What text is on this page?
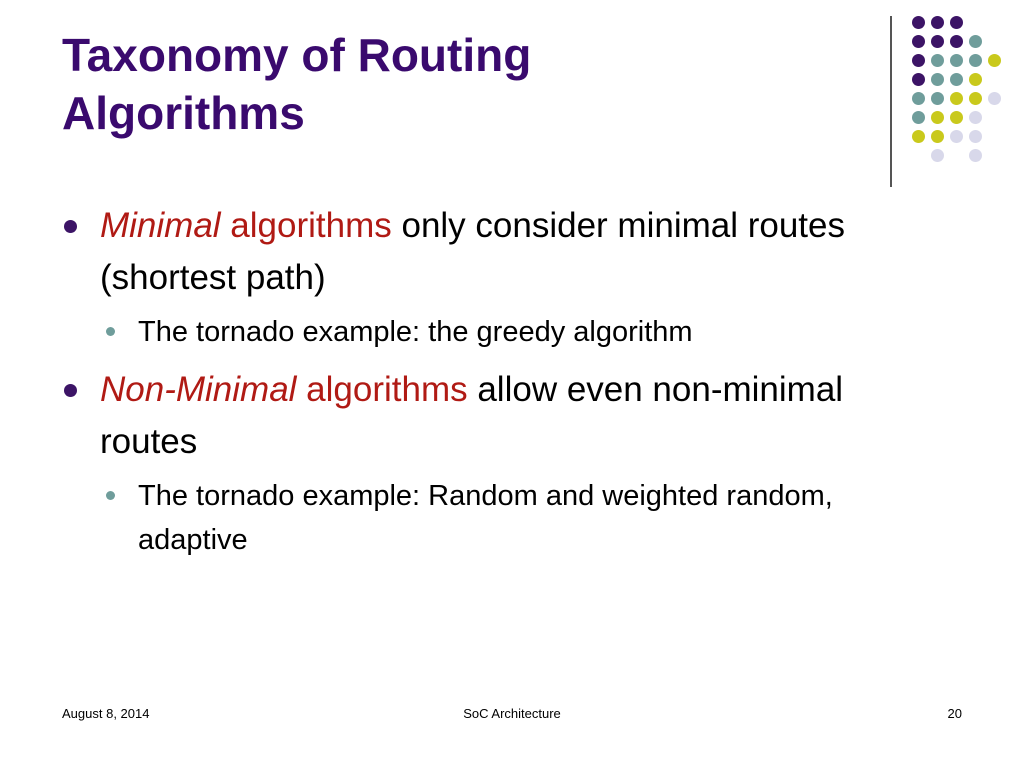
Taxonomy of Routing
Algorithms
Minimal algorithms only consider minimal routes (shortest path)
The tornado example: the greedy algorithm
Non-Minimal algorithms allow even non-minimal routes
The tornado example: Random and weighted random, adaptive
August 8, 2014	SoC Architecture	20
